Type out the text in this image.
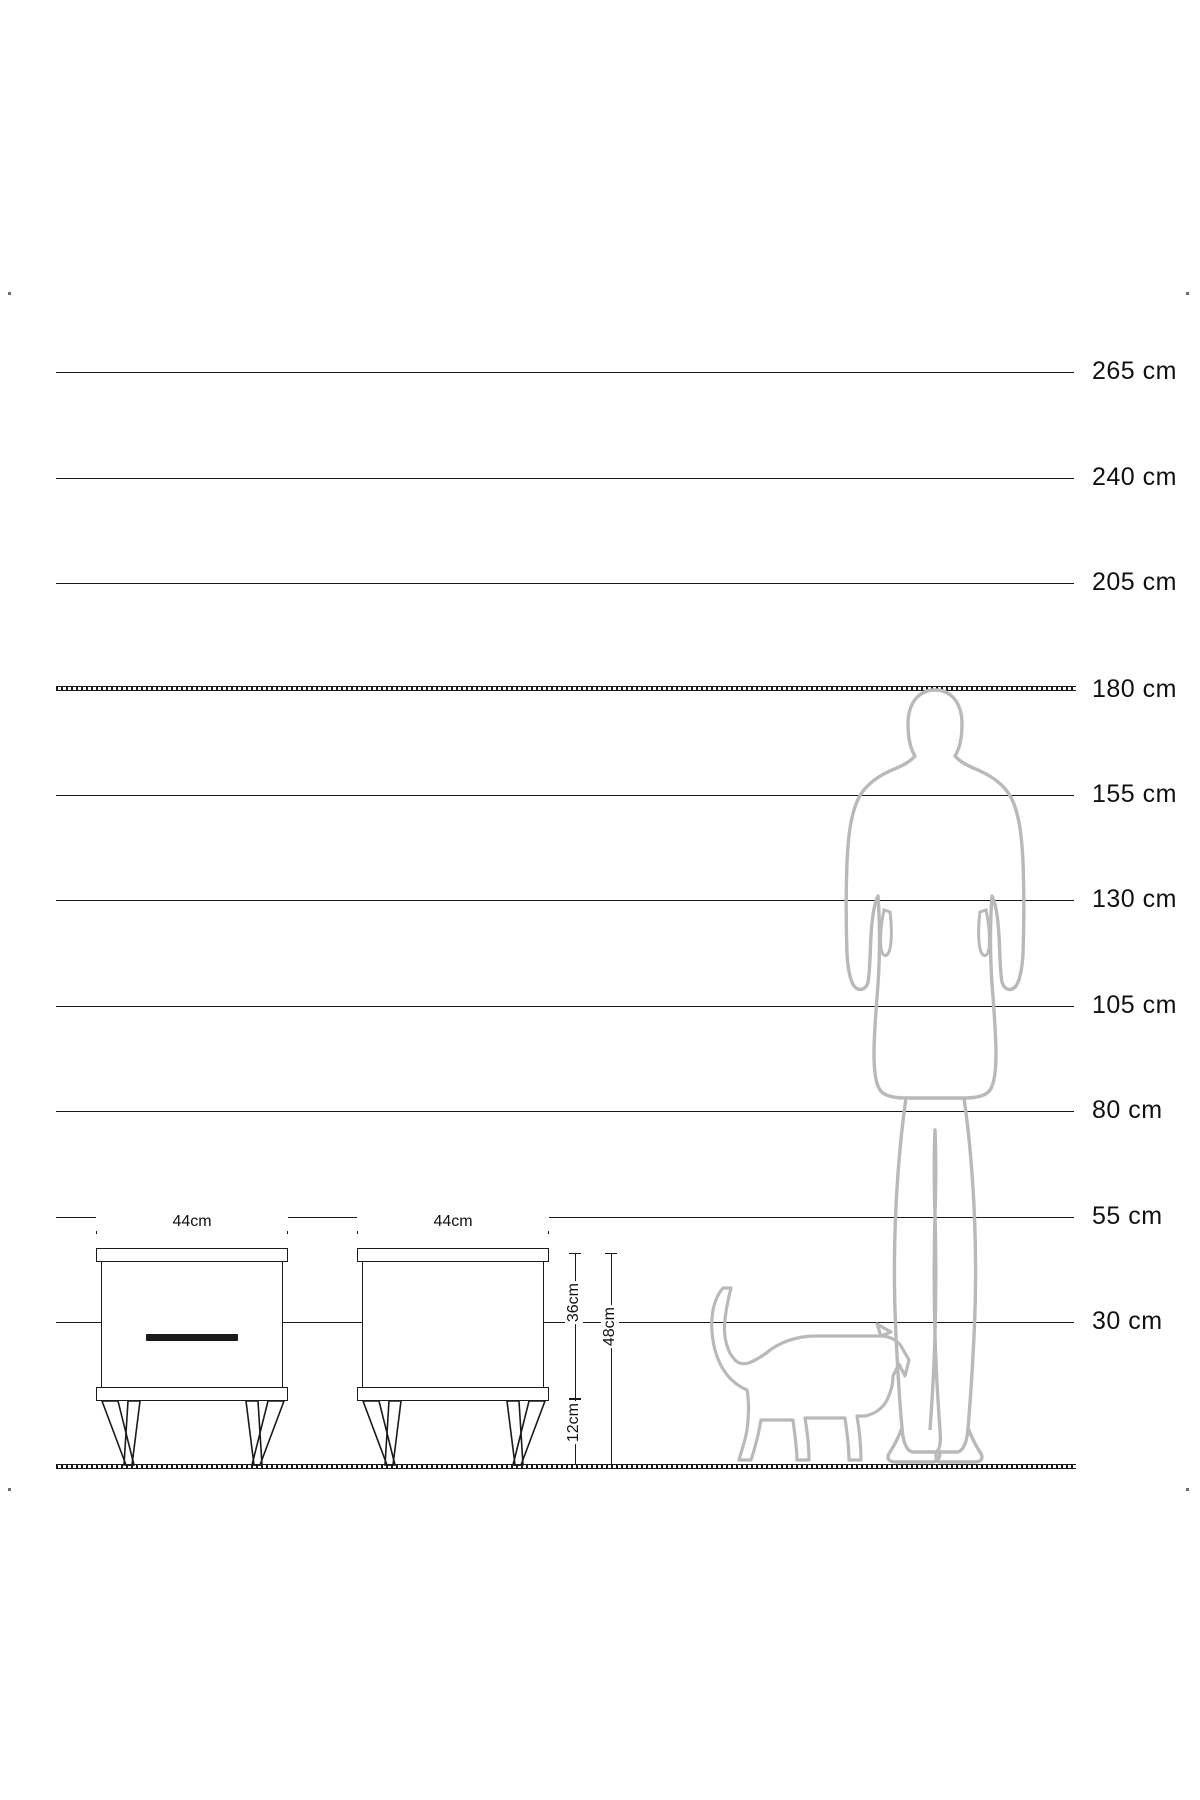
265 cm
240 cm
205 cm
180 cm
155 cm
130 cm
105 cm
80 cm
55 cm
30 cm
44cm	44cm
12cm
36cm
48cm
